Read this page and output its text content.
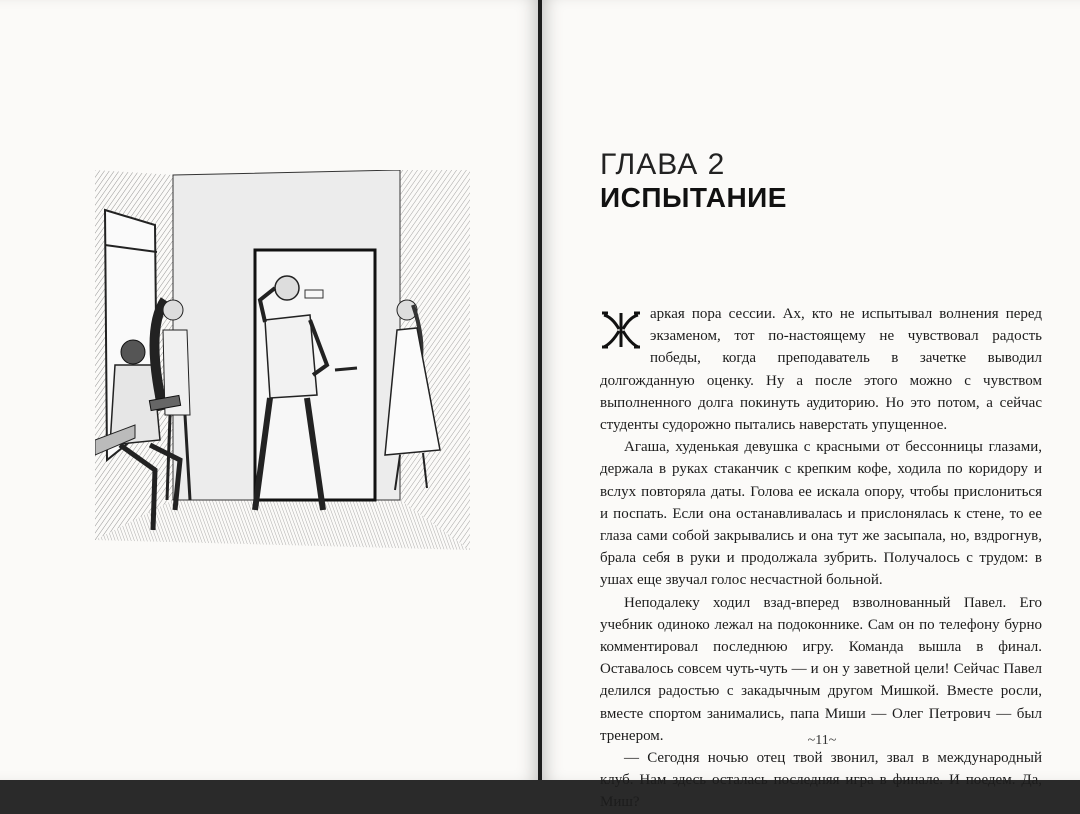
ГЛАВА 2
ИСПЫТАНИЕ

Ж	аркая пора сессии. Ах, кто не испытывал волнения перед экзаменом, тот по-настоящему не чувствовал радость победы, когда преподаватель в зачетке выводил долгожданную оценку. Ну а после этого можно с чувством выполненного долга покинуть аудиторию. Но это потом, а сейчас студенты судорожно пытались наверстать упущенное.

Агаша, худенькая девушка с красными от бессонницы глазами, держала в руках стаканчик с крепким кофе, ходила по коридору и вслух повторяла даты. Голова ее искала опору, чтобы прислониться и поспать. Если она останавливалась и прислонялась к стене, то ее глаза сами собой закрывались и она тут же засыпала, но, вздрогнув, брала себя в руки и продолжала зубрить. Получалось с трудом: в ушах еще звучал голос несчастной больной.

Неподалеку ходил взад-вперед взволнованный Павел. Его учебник одиноко лежал на подоконнике. Сам он по телефону бурно комментировал последнюю игру. Команда вышла в финал. Оставалось совсем чуть-чуть — и он у заветной цели! Сейчас Павел делился радостью с закадычным другом Мишкой. Вместе росли, вместе спортом занимались, папа Миши — Олег Петрович — был тренером.

— Сегодня ночью отец твой звонил, звал в международный клуб. Нам здесь осталась последняя игра в финале. И поедем. Да, Миш?

~11~
